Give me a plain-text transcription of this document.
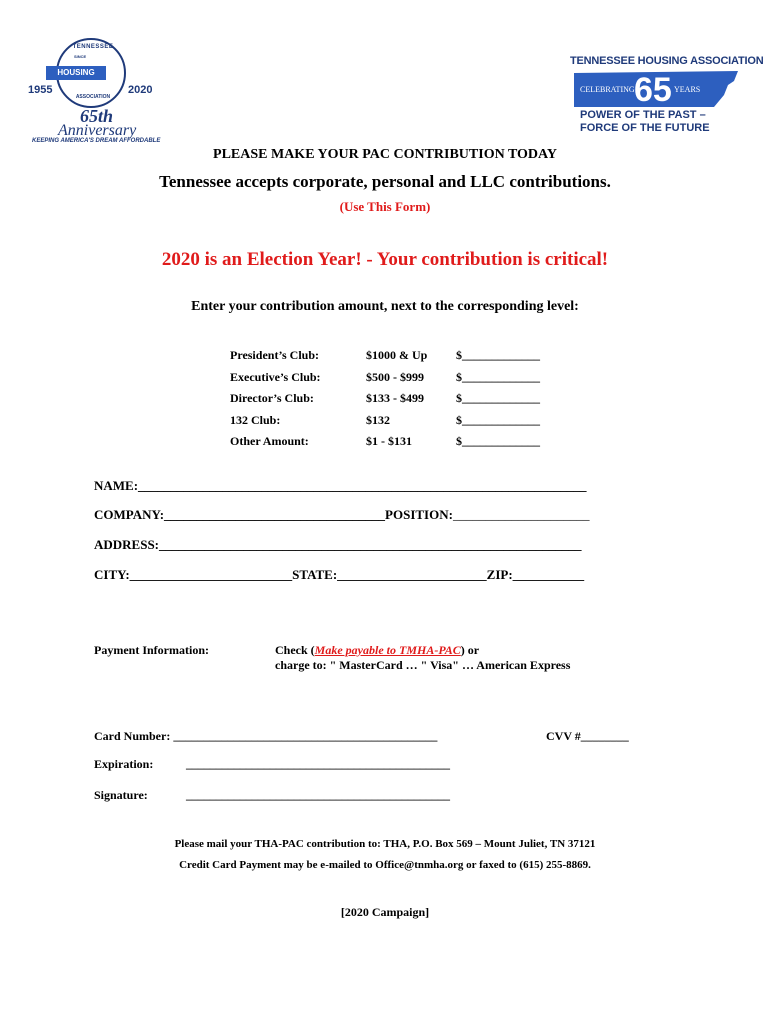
TENNESSEE
ASSOCIATION
SINCE
HOUSING
1955	2020
65th
Anniversary
KEEPING AMERICA'S DREAM AFFORDABLE
TENNESSEE HOUSING ASSOCIATION
CELEBRATING 65 YEARS
POWER OF THE PAST –
FORCE OF THE FUTURE
PLEASE MAKE YOUR PAC CONTRIBUTION TODAY
Tennessee accepts corporate, personal and LLC contributions.
(Use This Form)
2020 is an Election Year! - Your contribution is critical!
Enter your contribution amount, next to the corresponding level:
President’s Club:	$1000 & Up $_____________
Executive’s Club:	$500 - $999	$_____________
Director’s Club:	$133 - $499	$_____________
132 Club:	$132	$_____________
Other Amount:	$1 - $131	$_____________
NAME:_____________________________________________________________________
COMPANY:__________________________________POSITION:_____________________
ADDRESS:_________________________________________________________________
CITY:_________________________STATE:_______________________ZIP:___________
Payment Information:	Check (Make payable to TMHA-PAC) or
charge to: " MasterCard … " Visa" … American Express
Card Number: ____________________________________________	CVV #________
Expiration:	____________________________________________
Signature:	____________________________________________
Please mail your THA-PAC contribution to: THA, P.O. Box 569 – Mount Juliet, TN 37121
Credit Card Payment may be e-mailed to Office@tnmha.org or faxed to (615) 255-8869.
[2020 Campaign]
